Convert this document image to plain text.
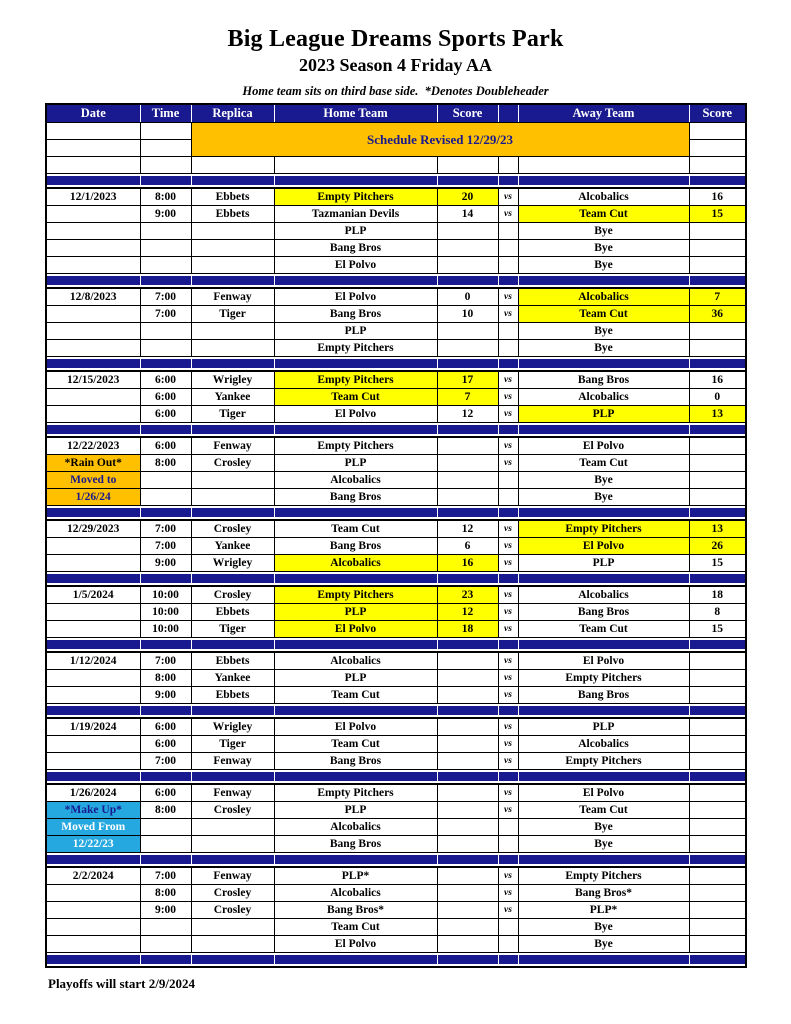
Big League Dreams Sports Park
2023 Season 4 Friday AA
Home team sits on third base side.  *Denotes Doubleheader
Date	Time	Replica	Home Team	Score		Away Team	Score
		Schedule Revised 12/29/23					

12/1/2023	8:00	Ebbets	Empty Pitchers	20	vs	Alcobalics	16
	9:00	Ebbets	Tazmanian Devils	14	vs	Team Cut	15
			PLP			Bye	
			Bang Bros			Bye	
			El Polvo			Bye	

12/8/2023	7:00	Fenway	El Polvo	0	vs	Alcobalics	7
	7:00	Tiger	Bang Bros	10	vs	Team Cut	36
			PLP			Bye	
			Empty Pitchers			Bye	

12/15/2023	6:00	Wrigley	Empty Pitchers	17	vs	Bang Bros	16
	6:00	Yankee	Team Cut	7	vs	Alcobalics	0
	6:00	Tiger	El Polvo	12	vs	PLP	13

12/22/2023	6:00	Fenway	Empty Pitchers		vs	El Polvo	
*Rain Out*	8:00	Crosley	PLP		vs	Team Cut	
Moved to			Alcobalics			Bye	
1/26/24			Bang Bros			Bye	

12/29/2023	7:00	Crosley	Team Cut	12	vs	Empty Pitchers	13
	7:00	Yankee	Bang Bros	6	vs	El Polvo	26
	9:00	Wrigley	Alcobalics	16	vs	PLP	15

1/5/2024	10:00	Crosley	Empty Pitchers	23	vs	Alcobalics	18
	10:00	Ebbets	PLP	12	vs	Bang Bros	8
	10:00	Tiger	El Polvo	18	vs	Team Cut	15

1/12/2024	7:00	Ebbets	Alcobalics		vs	El Polvo	
	8:00	Yankee	PLP		vs	Empty Pitchers	
	9:00	Ebbets	Team Cut		vs	Bang Bros	

1/19/2024	6:00	Wrigley	El Polvo		vs	PLP	
	6:00	Tiger	Team Cut		vs	Alcobalics	
	7:00	Fenway	Bang Bros		vs	Empty Pitchers	

1/26/2024	6:00	Fenway	Empty Pitchers		vs	El Polvo	
*Make Up*	8:00	Crosley	PLP		vs	Team Cut	
Moved From			Alcobalics			Bye	
12/22/23			Bang Bros			Bye	

2/2/2024	7:00	Fenway	PLP*		vs	Empty Pitchers	
	8:00	Crosley	Alcobalics		vs	Bang Bros*	
	9:00	Crosley	Bang Bros*		vs	PLP*	
			Team Cut			Bye	
			El Polvo			Bye	

Playoffs will start 2/9/2024
